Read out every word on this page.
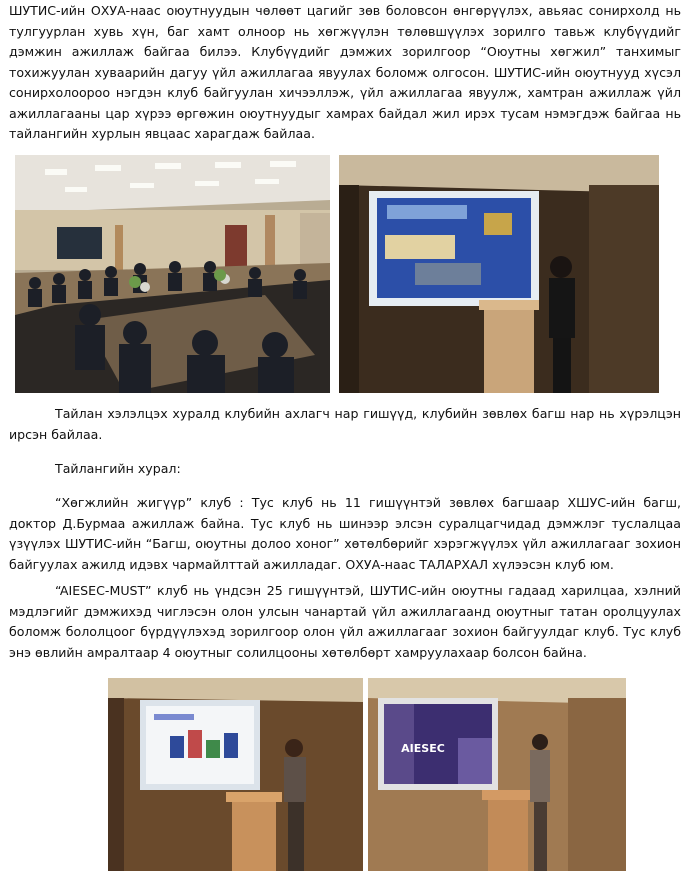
ШУТИС-ийн ОХУА-наас оюутнуудын чөлөөт цагийг зөв боловсон өнгөрүүлэх, авьяас сонирхолд нь тулгуурлан хувь хүн, баг хамт олноор нь хөгжүүлэн төлөвшүүлэх зорилго тавьж клубүүдийг дэмжин ажиллаж байгаа билээ. Клубүүдийг дэмжих зорилгоор “Оюутны хөгжил” танхимыг тохижуулан хуваарийн дагуу үйл ажиллагаа явуулах боломж олгосон. ШУТИС-ийн оюутнууд хүсэл сонирхолоороо нэгдэн клуб байгуулан хичээллэж, үйл ажиллагаа явуулж, хамтран ажиллаж үйл ажиллагааны цар хүрээ өргөжин оюутнуудыг хамрах байдал жил ирэх тусам нэмэгдэж байгаа нь тайлангийн хурлын явцаас харагдаж байлаа.

Тайлан хэлэлцэх хуралд клубийн ахлагч нар гишүүд, клубийн зөвлөх багш нар нь хүрэлцэн ирсэн байлаа.

Тайлангийн хурал:

“Хөгжлийн жигүүр” клуб : Тус клуб нь 11 гишүүнтэй зөвлөх багшаар ХШУС-ийн багш, доктор Д.Бурмаа ажиллаж байна. Тус клуб нь шинээр элсэн суралцагчидад дэмжлэг туслалцаа үзүүлэх ШУТИС-ийн “Багш, оюутны долоо хоног” хөтөлбөрийг хэрэгжүүлэх үйл ажиллагааг зохион байгуулах ажилд идэвх чармайлттай ажилладаг. ОХУА-наас ТАЛАРХАЛ хүлээсэн клуб юм.

“AIESEC-MUST” клуб нь үндсэн 25 гишүүнтэй, ШУТИС-ийн оюутны гадаад харилцаа, хэлний мэдлэгийг дэмжихэд чиглэсэн олон улсын чанартай үйл ажиллагаанд оюутныг татан оролцуулах боломж бололцоог бүрдүүлэхэд зорилгоор олон үйл ажиллагааг зохион байгуулдаг клуб. Тус клуб энэ өвлийн амралтаар 4 оюутныг солилцооны хөтөлбөрт хамруулахаар болсон байна.

AIESEC
